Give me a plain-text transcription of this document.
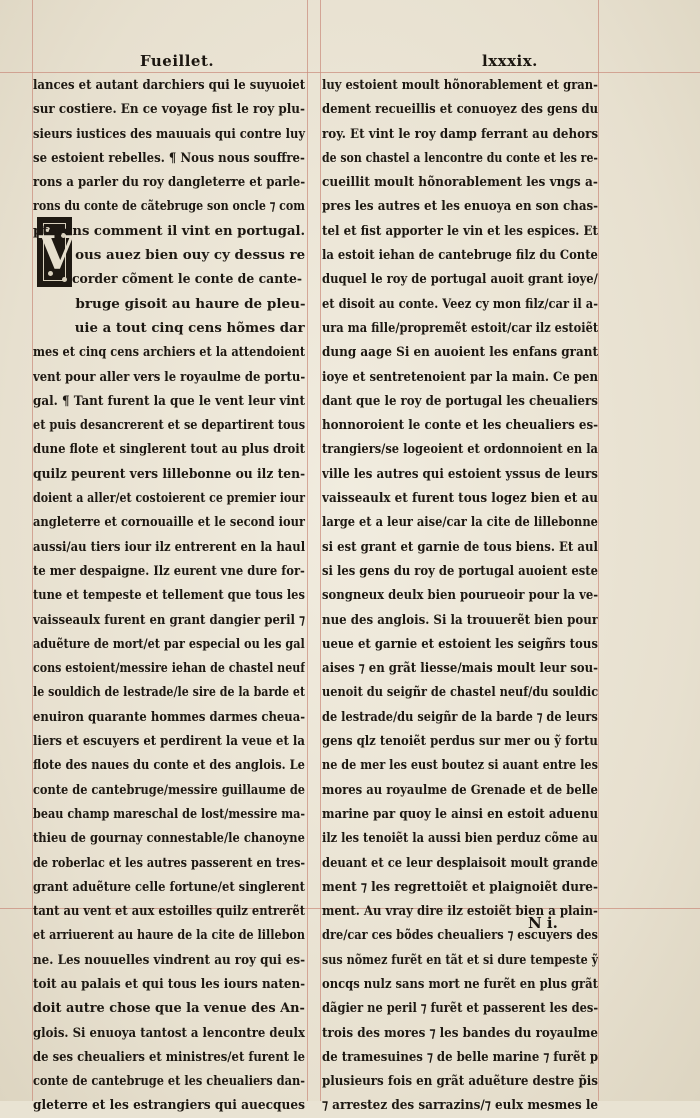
Fueillet.	lxxxix.
V
lances et autant darchiers qui le suyuoiet
sur costiere. En ce voyage fist le roy plu-
sieurs iustices des mauuais qui contre luy
se estoient rebelles. ¶ Nous nous souffre-
rons a parler du roy dangleterre et parle-
rons du conte de cãtebruge son oncle ⁊ com
pterons comment il vint en portugal.
ous auez bien ouy cy dessus re
corder cõment le conte de cante-
bruge gisoit au haure de pleu-
uie a tout cinq cens hõmes dar
mes et cinq cens archiers et la attendoient
vent pour aller vers le royaulme de portu-
gal. ¶ Tant furent la que le vent leur vint
et puis desancrerent et se departirent tous
dune flote et singlerent tout au plus droit
quilz peurent vers lillebonne ou ilz ten-
doient a aller/et costoierent ce premier iour
angleterre et cornouaille et le second iour
aussi/au tiers iour ilz entrerent en la haul
te mer despaigne. Ilz eurent vne dure for-
tune et tempeste et tellement que tous les
vaisseaulx furent en grant dangier peril ⁊
aduẽture de mort/et par especial ou les gal
cons estoient/messire iehan de chastel neuf
le souldich de lestrade/le sire de la barde et
enuiron quarante hommes darmes cheua-
liers et escuyers et perdirent la veue et la
flote des naues du conte et des anglois. Le
conte de cantebruge/messire guillaume de
beau champ mareschal de lost/messire ma-
thieu de gournay connestable/le chanoyne
de roberlac et les autres passerent en tres-
grant aduẽture celle fortune/et singlerent
tant au vent et aux estoilles quilz entrerẽt
et arriuerent au haure de la cite de lillebon
ne. Les nouuelles vindrent au roy qui es-
toit au palais et qui tous les iours naten-
doit autre chose que la venue des An-
glois. Si enuoya tantost a lencontre deulx
de ses cheualiers et ministres/et furent le
conte de cantebruge et les cheualiers dan-
gleterre et les estrangiers qui auecques
luy estoient moult hõnorablement et gran-
dement recueillis et conuoyez des gens du
roy. Et vint le roy damp ferrant au dehors
de son chastel a lencontre du conte et les re-
cueillit moult hõnorablement les vngs a-
pres les autres et les enuoya en son chas-
tel et fist apporter le vin et les espices. Et
la estoit iehan de cantebruge filz du Conte
duquel le roy de portugal auoit grant ioye/
et disoit au conte. Veez cy mon filz/car il a-
ura ma fille/propremẽt estoit/car ilz estoiẽt
dung aage Si en auoient les enfans grant
ioye et sentretenoient par la main. Ce pen
dant que le roy de portugal les cheualiers
honnoroient le conte et les cheualiers es-
trangiers/se logeoient et ordonnoient en la
ville les autres qui estoient yssus de leurs
vaisseaulx et furent tous logez bien et au
large et a leur aise/car la cite de lillebonne
si est grant et garnie de tous biens. Et aul
si les gens du roy de portugal auoient este
songneux deulx bien pourueoir pour la ve-
nue des anglois. Si la trouuerẽt bien pour
ueue et garnie et estoient les seigñrs tous
aises ⁊ en grãt liesse/mais moult leur sou-
uenoit du seigñr de chastel neuf/du souldic
de lestrade/du seigñr de la barde ⁊ de leurs
gens qlz tenoiẽt perdus sur mer ou ỹ fortu
ne de mer les eust boutez si auant entre les
mores au royaulme de Grenade et de belle
marine par quoy le ainsi en estoit aduenu
ilz les tenoiẽt la aussi bien perduz cõme au
deuant et ce leur desplaisoit moult grande
ment ⁊ les regrettoiẽt et plaignoiẽt dure-
ment. Au vray dire ilz estoiẽt bien a plain-
dre/car ces bõdes cheualiers ⁊ escuyers des
sus nõmez furẽt en tãt et si dure tempeste ỹ
oncqs nulz sans mort ne furẽt en plus grãt
dãgier ne peril ⁊ furẽt et passerent les des-
trois des mores ⁊ les bandes du royaulme
de tramesuines ⁊ de belle marine ⁊ furẽt p
plusieurs fois en grãt aduẽture destre p̃is
⁊ arrestez des sarrazins/⁊ eulx mesmes le
N i.
